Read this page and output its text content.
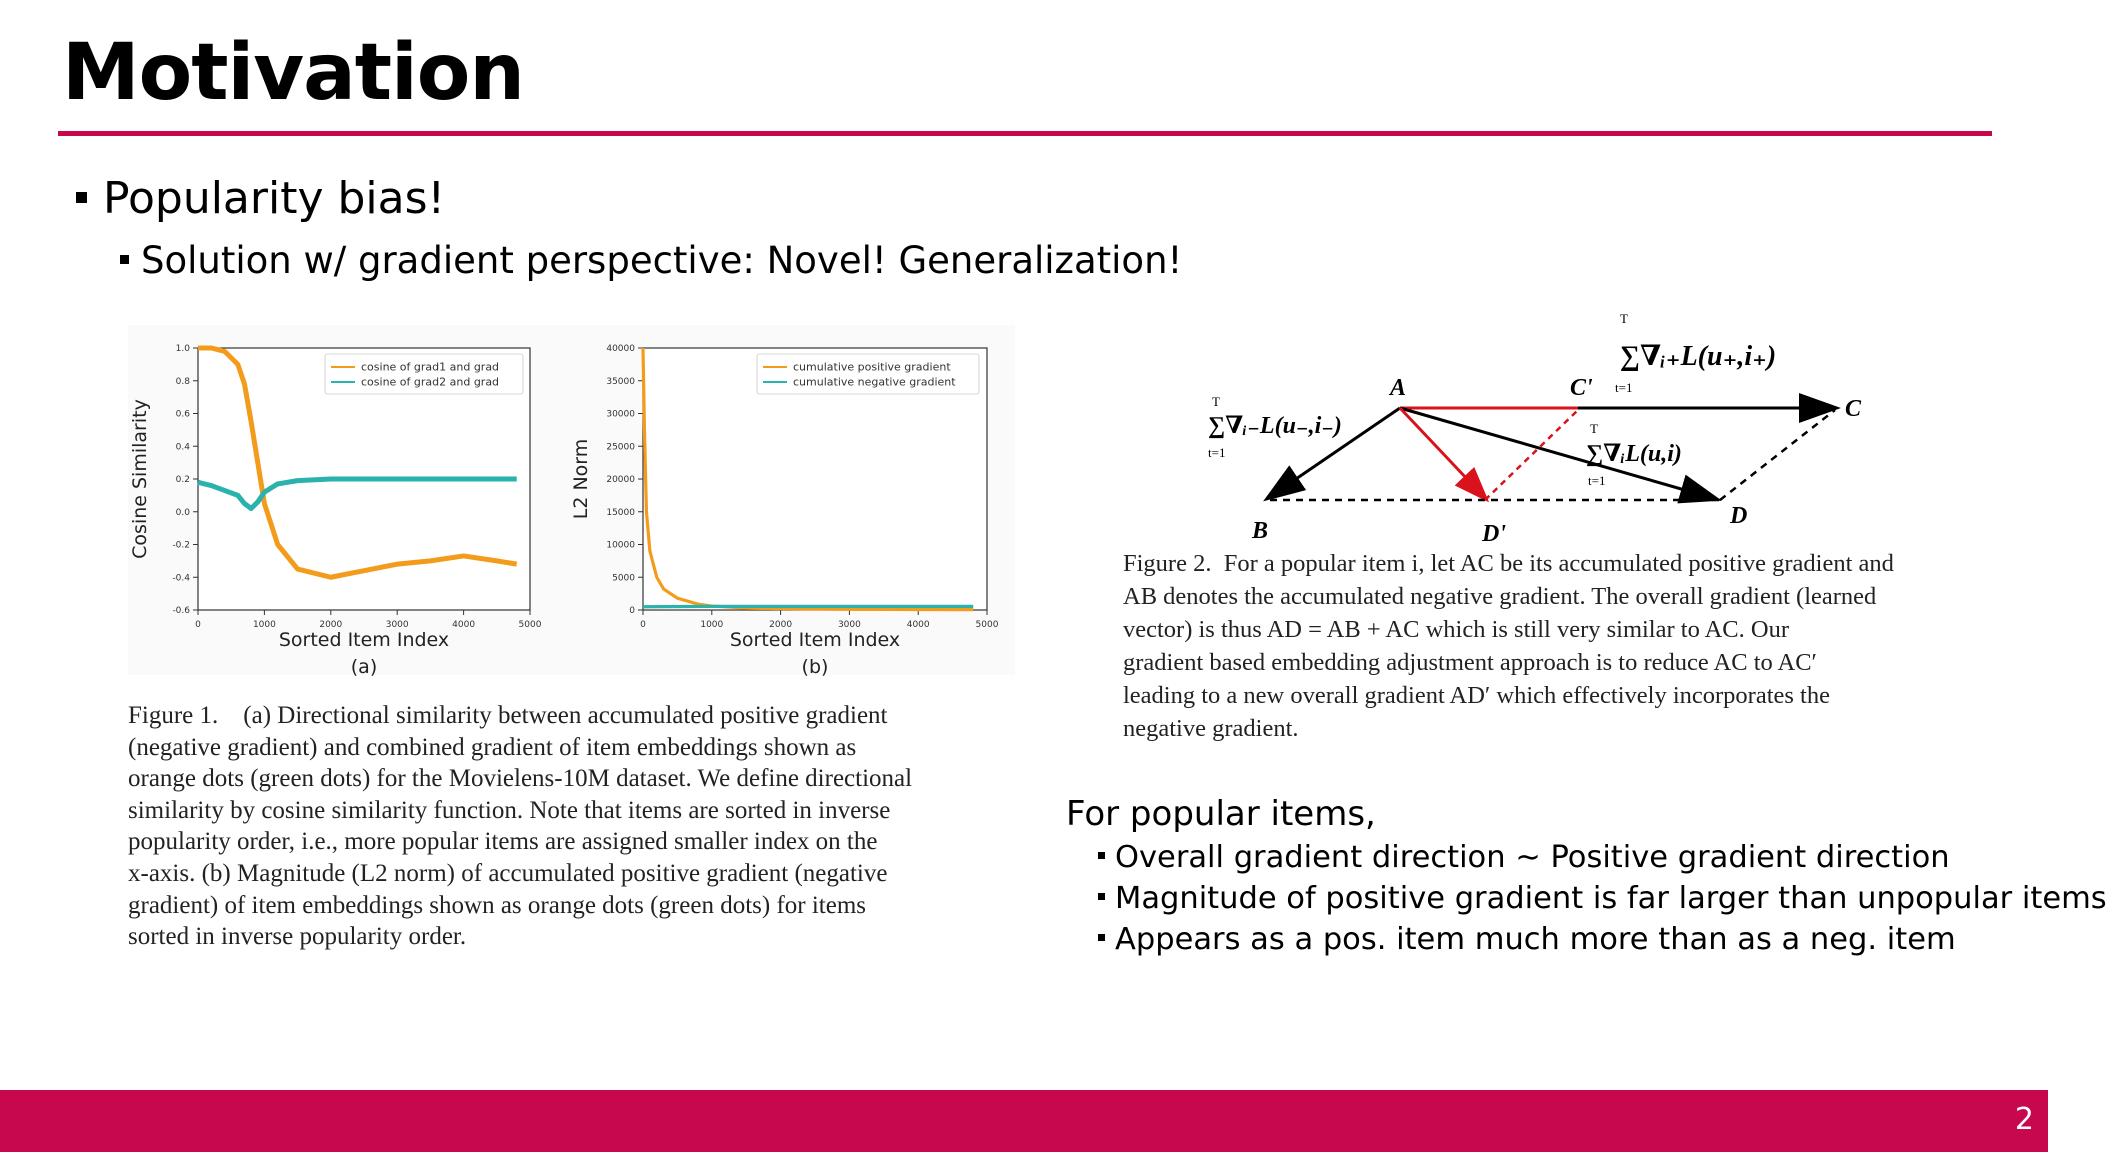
Motivation
Popularity bias!
Solution w/ gradient perspective: Novel! Generalization!
0	1000	2000	3000	4000	5000
-0.6
-0.4
-0.2
0.0
0.2
0.4
0.6
0.8
1.0
Sorted Item Index
(a)
Cosine Similarity
cosine of grad1 and grad
cosine of grad2 and grad
0	1000	2000	3000	4000	5000
0
5000
10000
15000
20000
25000
30000
35000
40000
Sorted Item Index
(b)
L2 Norm
cumulative positive gradient
cumulative negative gradient
Figure 1. (a) Directional similarity between accumulated positive gradient
(negative gradient) and combined gradient of item embeddings shown as
orange dots (green dots) for the Movielens-10M dataset. We define directional
similarity by cosine similarity function. Note that items are sorted in inverse
popularity order, i.e., more popular items are assigned smaller index on the
x-axis. (b) Magnitude (L2 norm) of accumulated positive gradient (negative
gradient) of item embeddings shown as orange dots (green dots) for items
sorted in inverse popularity order.
A
B
C
D
C'
D'
T
t=1
∑∇ᵢ₊L(u₊,i₊)
T
t=1
∑∇ᵢ₋L(u₋,i₋)	T
t=1
∑∇ᵢL(u,i)
Figure 2. For a popular item i, let AC be its accumulated positive gradient and
AB denotes the accumulated negative gradient. The overall gradient (learned
vector) is thus AD = AB + AC which is still very similar to AC. Our
gradient based embedding adjustment approach is to reduce AC to AC′
leading to a new overall gradient AD′ which effectively incorporates the
negative gradient.
For popular items,
Overall gradient direction ∼ Positive gradient direction
Magnitude of positive gradient is far larger than unpopular items
Appears as a pos. item much more than as a neg. item
2
